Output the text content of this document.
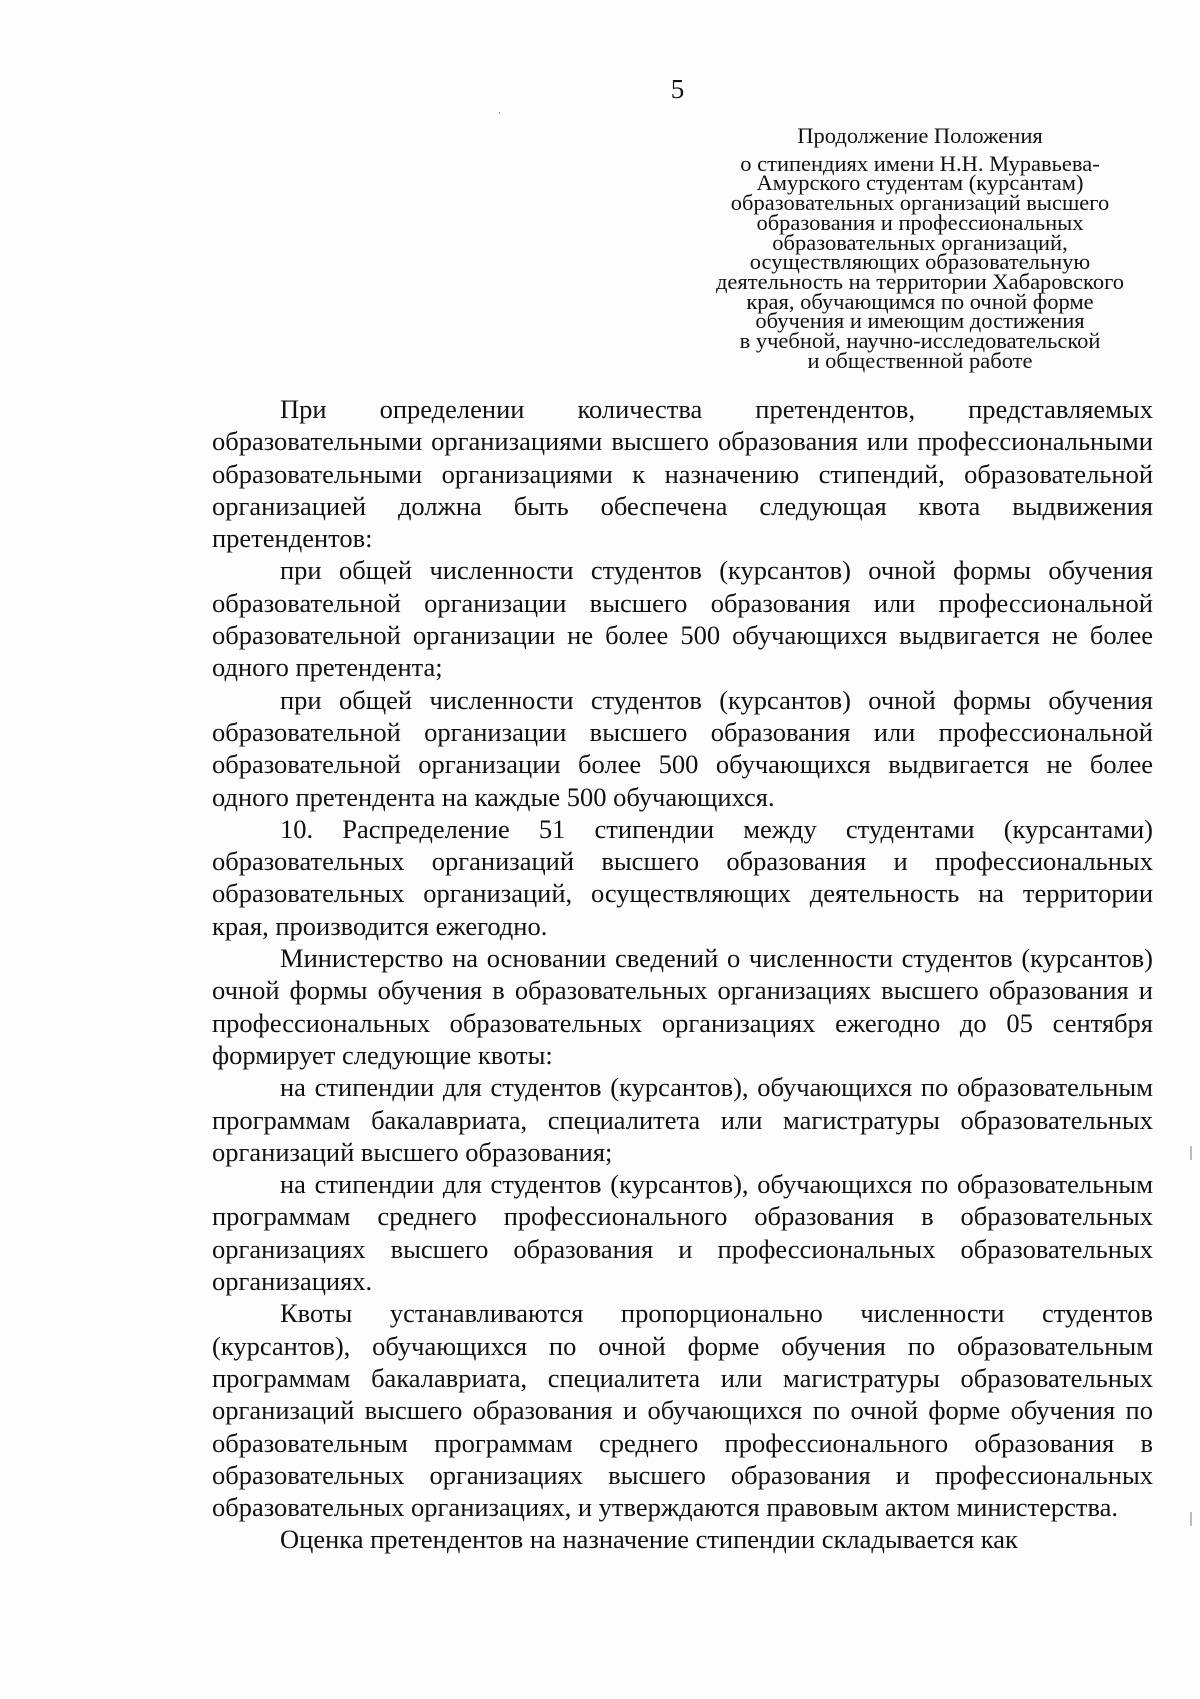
5
Продолжение Положения
о стипендиях имени Н.Н. Муравьева-
Амурского студентам (курсантам)
образовательных организаций высшего
образования и профессиональных
образовательных организаций,
осуществляющих образовательную
деятельность на территории Хабаровского
края, обучающимся по очной форме
обучения и имеющим достижения
в учебной, научно-исследовательской
и общественной работе

При определении количества претендентов, представляемых образовательными организациями высшего образования или профессиональными образовательными организациями к назначению стипендий, образовательной организацией должна быть обеспечена следующая квота выдвижения претендентов:

при общей численности студентов (курсантов) очной формы обучения образовательной организации высшего образования или профессиональной образовательной организации не более 500 обучающихся выдвигается не более одного претендента;

при общей численности студентов (курсантов) очной формы обучения образовательной организации высшего образования или профессиональной образовательной организации более 500 обучающихся выдвигается не более одного претендента на каждые 500 обучающихся.

10. Распределение 51 стипендии между студентами (курсантами) образовательных организаций высшего образования и профессиональных образовательных организаций, осуществляющих деятельность на территории края, производится ежегодно.

Министерство на основании сведений о численности студентов (курсантов) очной формы обучения в образовательных организациях высшего образования и профессиональных образовательных организациях ежегодно до 05 сентября формирует следующие квоты:

на стипендии для студентов (курсантов), обучающихся по образовательным программам бакалавриата, специалитета или магистратуры образовательных организаций высшего образования;

на стипендии для студентов (курсантов), обучающихся по образовательным программам среднего профессионального образования в образовательных организациях высшего образования и профессиональных образовательных организациях.

Квоты устанавливаются пропорционально численности студентов (курсантов), обучающихся по очной форме обучения по образовательным программам бакалавриата, специалитета или магистратуры образовательных организаций высшего образования и обучающихся по очной форме обучения по образовательным программам среднего профессионального образования в образовательных организациях высшего образования и профессиональных образовательных организациях, и утверждаются правовым актом министерства.

Оценка претендентов на назначение стипендии складывается как
